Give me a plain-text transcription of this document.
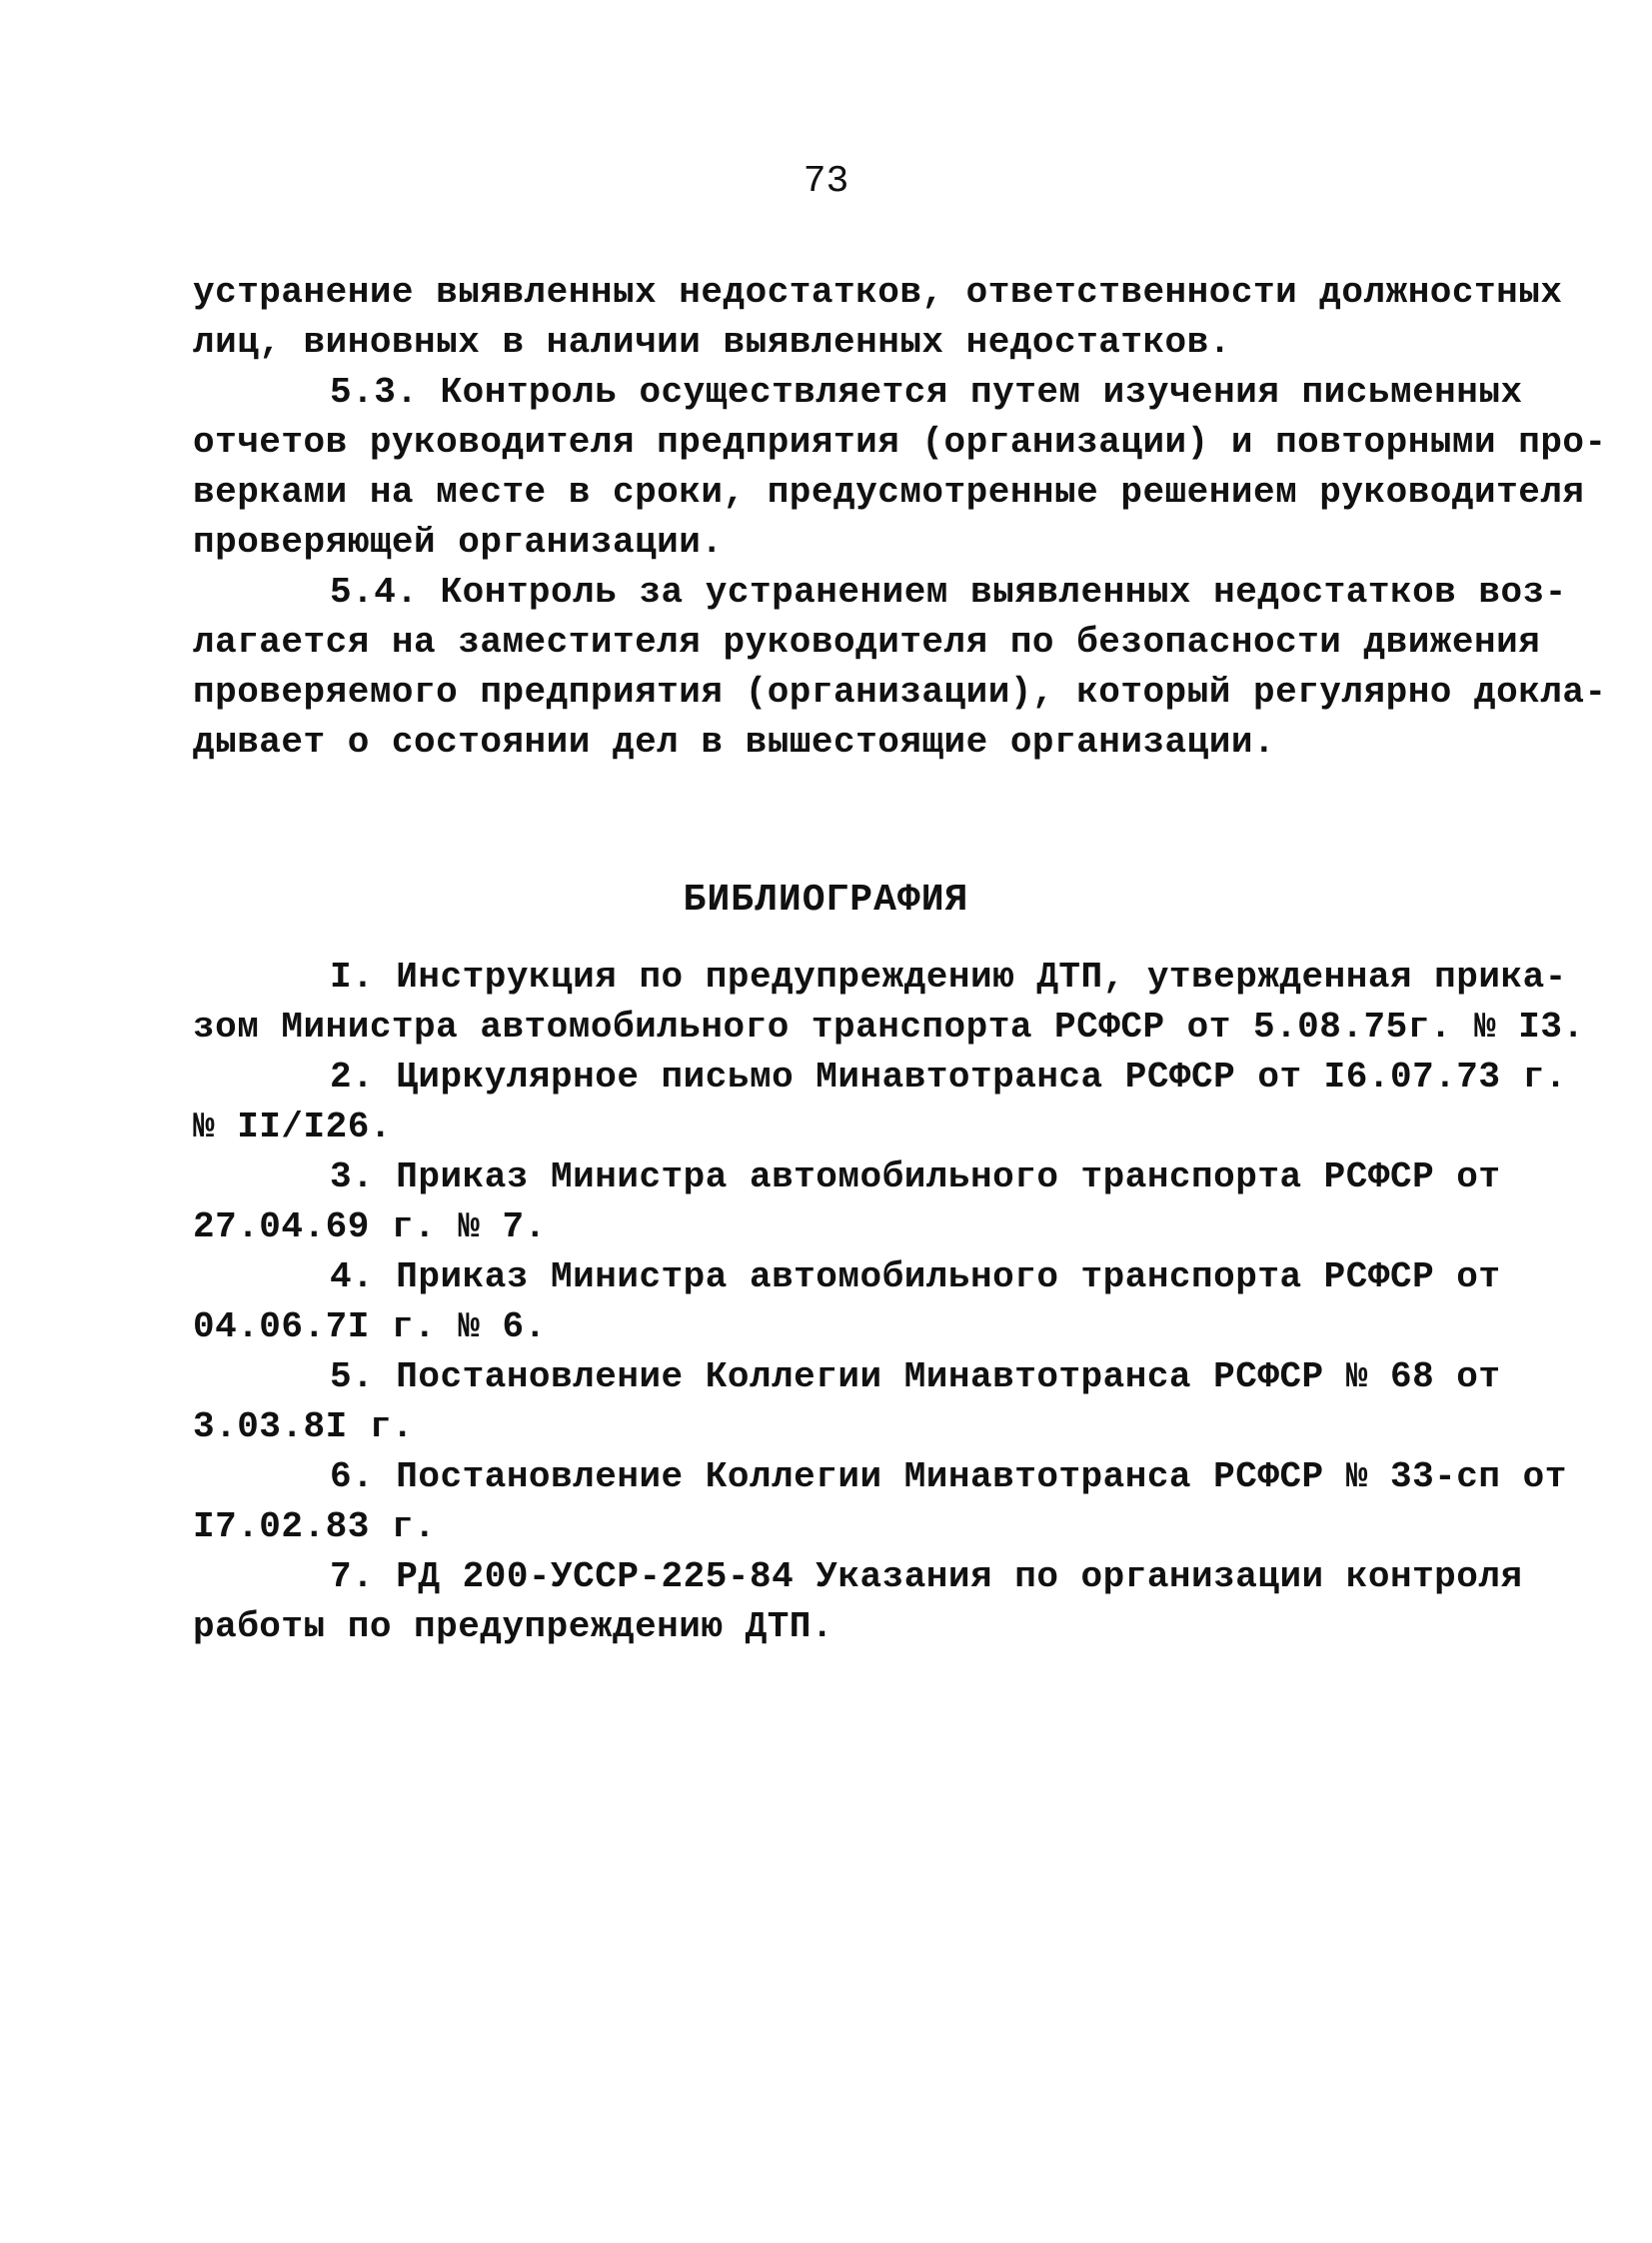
73
устранение выявленных недостатков, ответственности должностных
лиц, виновных в наличии выявленных недостатков.
5.3. Контроль осуществляется путем изучения письменных
отчетов руководителя предприятия (организации) и повторными про-
верками на месте в сроки, предусмотренные решением руководителя
проверяющей организации.
5.4. Контроль за устранением выявленных недостатков воз-
лагается на заместителя руководителя по безопасности движения
проверяемого предприятия (организации), который регулярно докла-
дывает о состоянии дел в вышестоящие организации.
БИБЛИОГРАФИЯ
I. Инструкция по предупреждению ДТП, утвержденная прика-
зом Министра автомобильного транспорта РСФСР от 5.08.75г. № I3.
2. Циркулярное письмо Минавтотранса РСФСР от I6.07.73 г.
№ II/I26.
3. Приказ Министра автомобильного транспорта РСФСР от
27.04.69 г. № 7.
4. Приказ Министра автомобильного транспорта РСФСР от
04.06.7I г. № 6.
5. Постановление Коллегии Минавтотранса РСФСР № 68 от
3.03.8I г.
6. Постановление Коллегии Минавтотранса РСФСР № 33-сп от
I7.02.83 г.
7. РД 200-УССР-225-84 Указания по организации контроля
работы по предупреждению ДТП.
